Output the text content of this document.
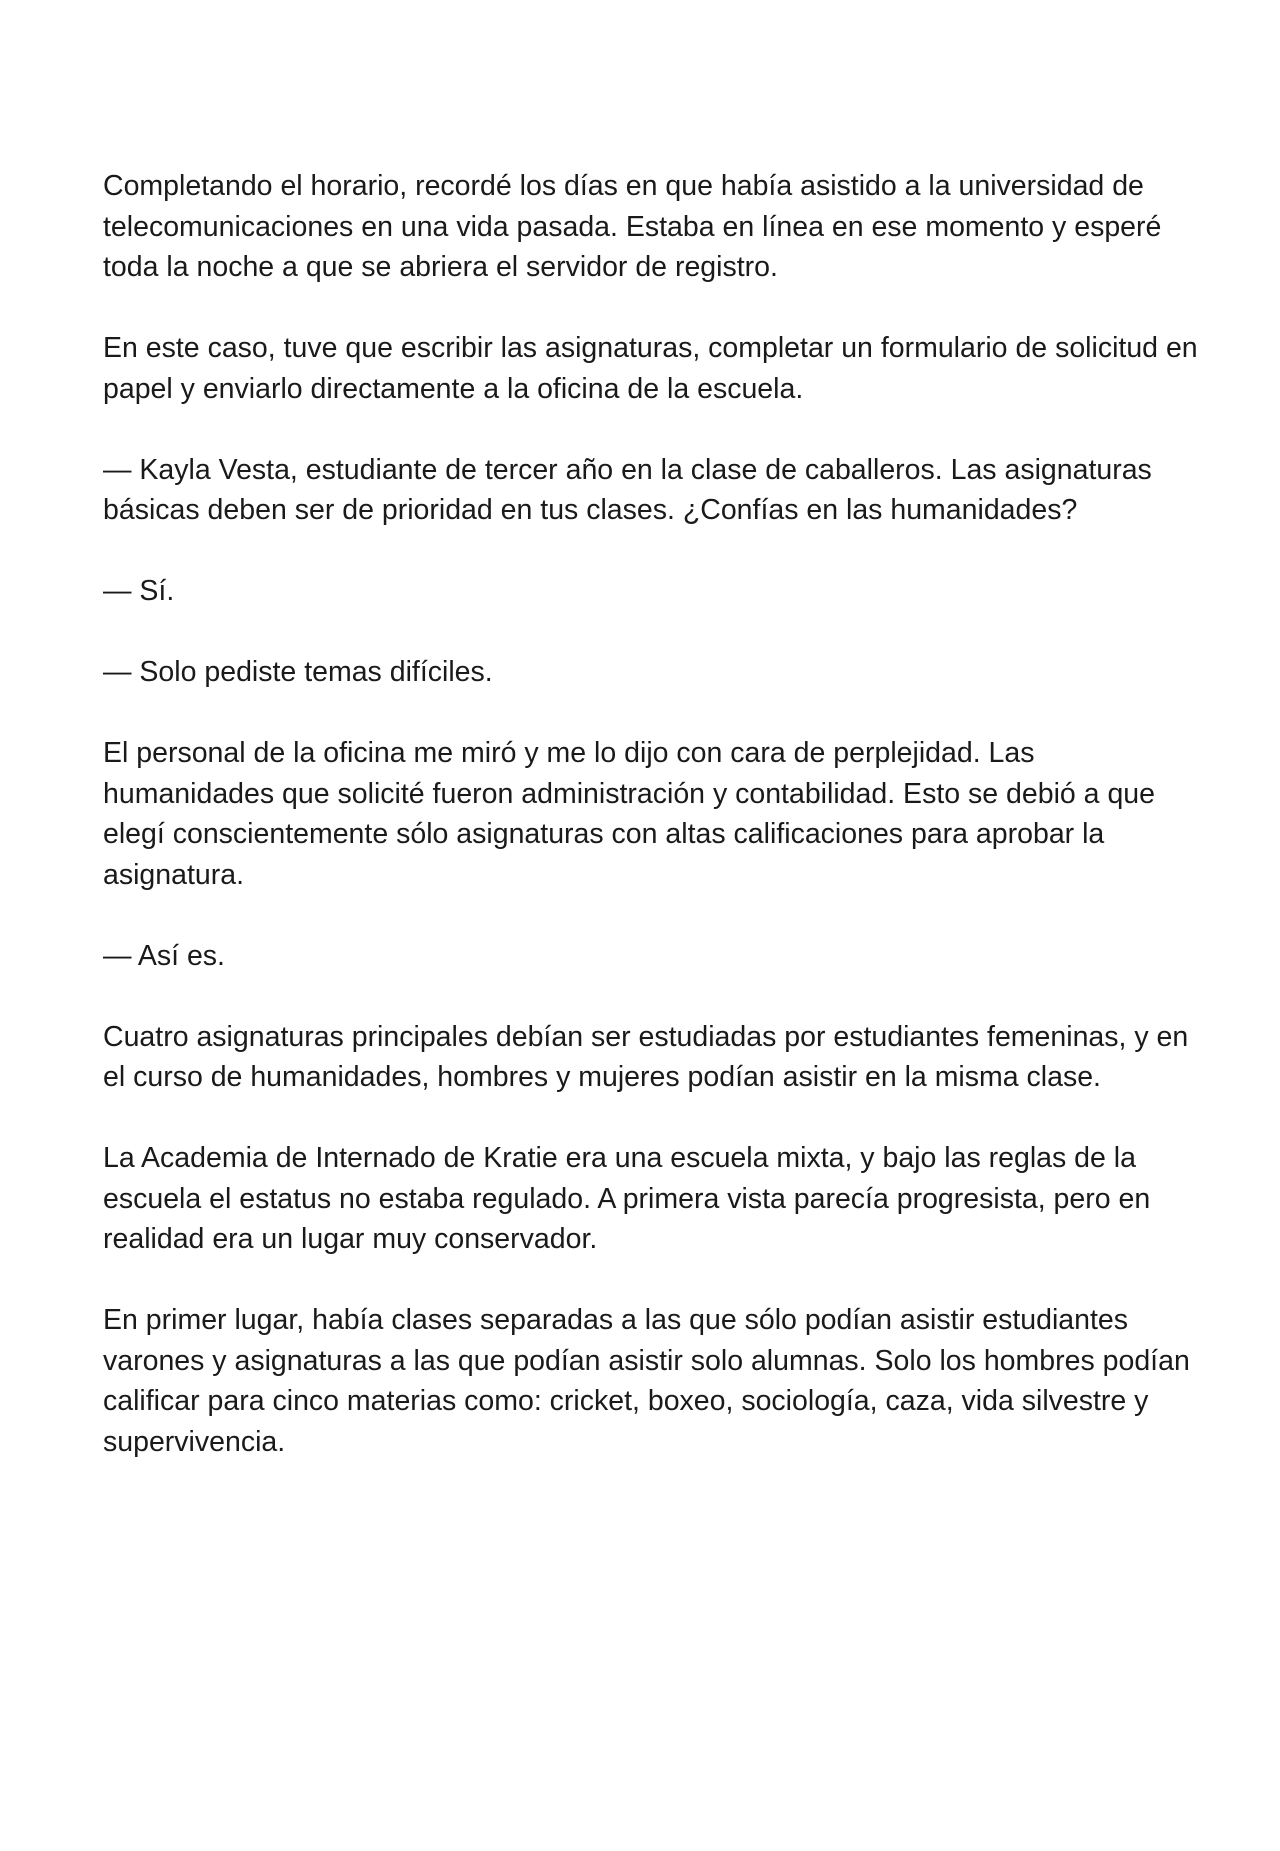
Completando el horario, recordé los días en que había asistido a la universidad de telecomunicaciones en una vida pasada. Estaba en línea en ese momento y esperé toda la noche a que se abriera el servidor de registro.

En este caso, tuve que escribir las asignaturas, completar un formulario de solicitud en papel y enviarlo directamente a la oficina de la escuela.

— Kayla Vesta, estudiante de tercer año en la clase de caballeros. Las asignaturas básicas deben ser de prioridad en tus clases. ¿Confías en las humanidades?

— Sí.

— Solo pediste temas difíciles.

El personal de la oficina me miró y me lo dijo con cara de perplejidad. Las humanidades que solicité fueron administración y contabilidad. Esto se debió a que elegí conscientemente sólo asignaturas con altas calificaciones para aprobar la asignatura.

— Así es.

Cuatro asignaturas principales debían ser estudiadas por estudiantes femeninas, y en el curso de humanidades, hombres y mujeres podían asistir en la misma clase.

La Academia de Internado de Kratie era una escuela mixta, y bajo las reglas de la escuela el estatus no estaba regulado. A primera vista parecía progresista, pero en realidad era un lugar muy conservador.

En primer lugar, había clases separadas a las que sólo podían asistir estudiantes varones y asignaturas a las que podían asistir solo alumnas. Solo los hombres podían calificar para cinco materias como: cricket, boxeo, sociología, caza, vida silvestre y supervivencia.
